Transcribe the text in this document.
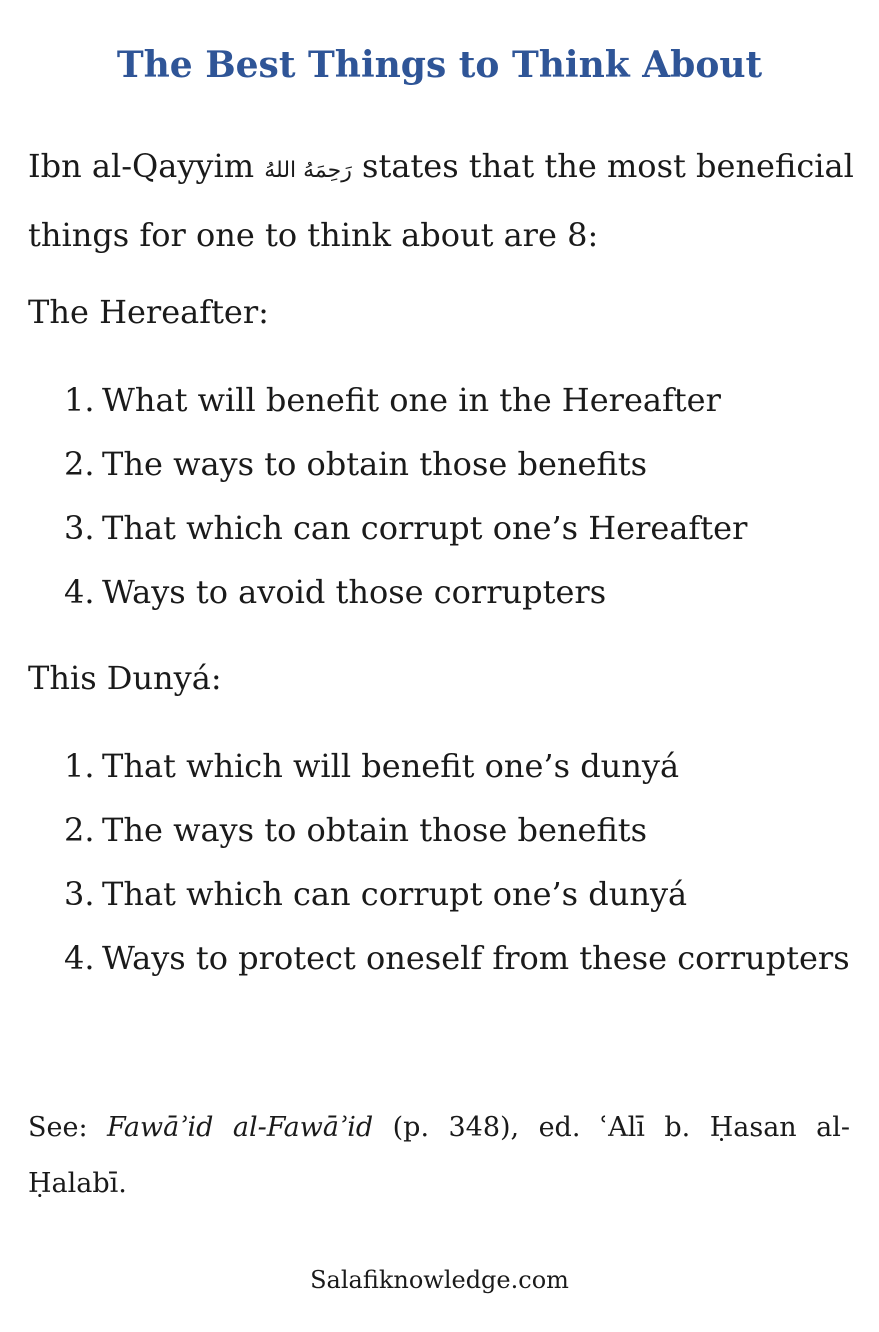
The Best Things to Think About

Ibn al-Qayyim رَحِمَهُ اللهُ states that the most beneficial things for one to think about are 8:

The Hereafter:

1. What will benefit one in the Hereafter
2. The ways to obtain those benefits
3. That which can corrupt one’s Hereafter
4. Ways to avoid those corrupters

This Dunyá:

1. That which will benefit one’s dunyá
2. The ways to obtain those benefits
3. That which can corrupt one’s dunyá
4. Ways to protect oneself from these corrupters

See: Fawāʾid al-Fawāʾid (p. 348), ed. ʿAlī b. Ḥasan al-Ḥalabī.

Salafiknowledge.com
